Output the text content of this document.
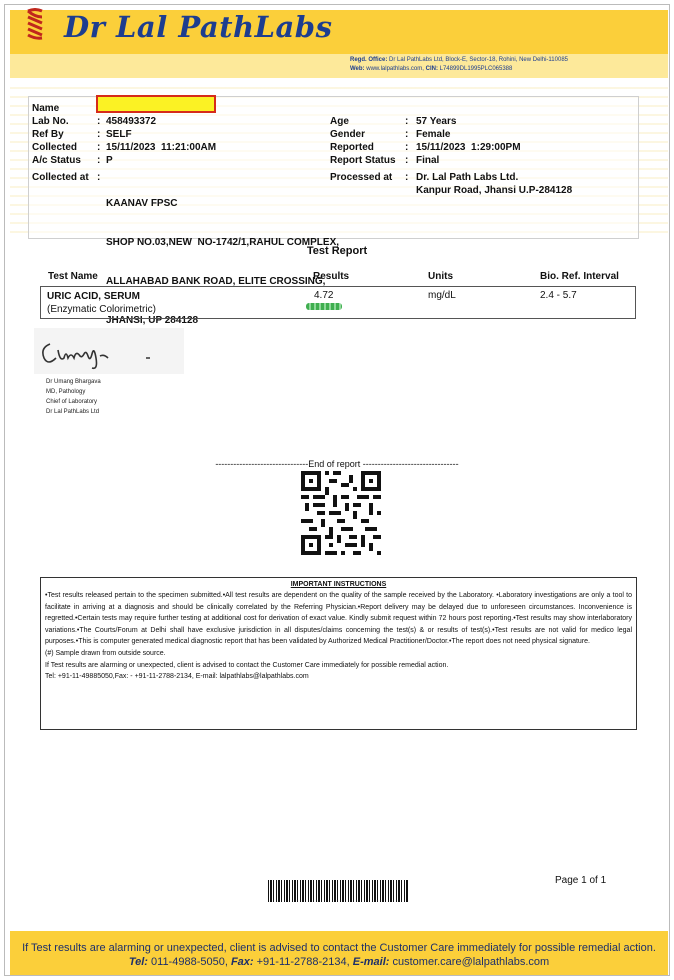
Dr Lal PathLabs
Regd. Office: Dr Lal PathLabs Ltd, Block-E, Sector-18, Rohini, New Delhi-110085
Web: www.lalpathlabs.com, CIN: L74899DL1995PLC065388
Name
Lab No.	: 458493372
Ref By	: SELF
Collected : 15/11/2023  11:21:00AM
A/c Status : P
Collected at :

KAANAV FPSC

SHOP NO.03,NEW  NO-1742/1,RAHUL COMPLEX,

ALLAHABAD BANK ROAD, ELITE CROSSING,

JHANSI, UP 284128

Age	: 57 Years
Gender	: Female
Reported	: 15/11/2023  1:29:00PM
Report Status : Final
Processed at : Dr. Lal Path Labs Ltd.
Kanpur Road, Jhansi U.P-284128
Test Report
Test Name	Results	Units	Bio. Ref. Interval
URIC ACID, SERUM
(Enzymatic Colorimetric)
4.72	mg/dL	2.4 - 5.7
Dr Umang Bhargava
MD, Pathology
Chief of Laboratory
Dr Lal PathLabs Ltd
-------------------------------End of report --------------------------------
IMPORTANT INSTRUCTIONS
•Test results released pertain to the specimen submitted.•All test results are dependent on the quality of the sample received by the Laboratory. •Laboratory investigations are only a tool to facilitate in arriving at a diagnosis and should be clinically correlated by the Referring Physician.•Report delivery may be delayed due to unforeseen circumstances. Inconvenience is regretted.•Certain tests may require further testing at additional cost for derivation of exact value. Kindly submit request within 72 hours post reporting.•Test results may show interlaboratory variations.•The Courts/Forum at Delhi shall have exclusive jurisdiction in all disputes/claims concerning the test(s) & or results of test(s).•Test results are not valid for medico legal purposes.•This is computer generated medical diagnostic report that has been validated by Authorized Medical Practitioner/Doctor.•The report does not need physical signature.
(#) Sample drawn from outside source.
If Test results are alarming or unexpected, client is advised to contact the Customer Care immediately for possible remedial action.
Tel: +91-11-49885050,Fax: - +91-11-2788-2134, E-mail: lalpathlabs@lalpathlabs.com
Page 1 of 1
If Test results are alarming or unexpected, client is advised to contact the Customer Care immediately for possible remedial action.
Tel: 011-4988-5050, Fax: +91-11-2788-2134, E-mail: customer.care@lalpathlabs.com
